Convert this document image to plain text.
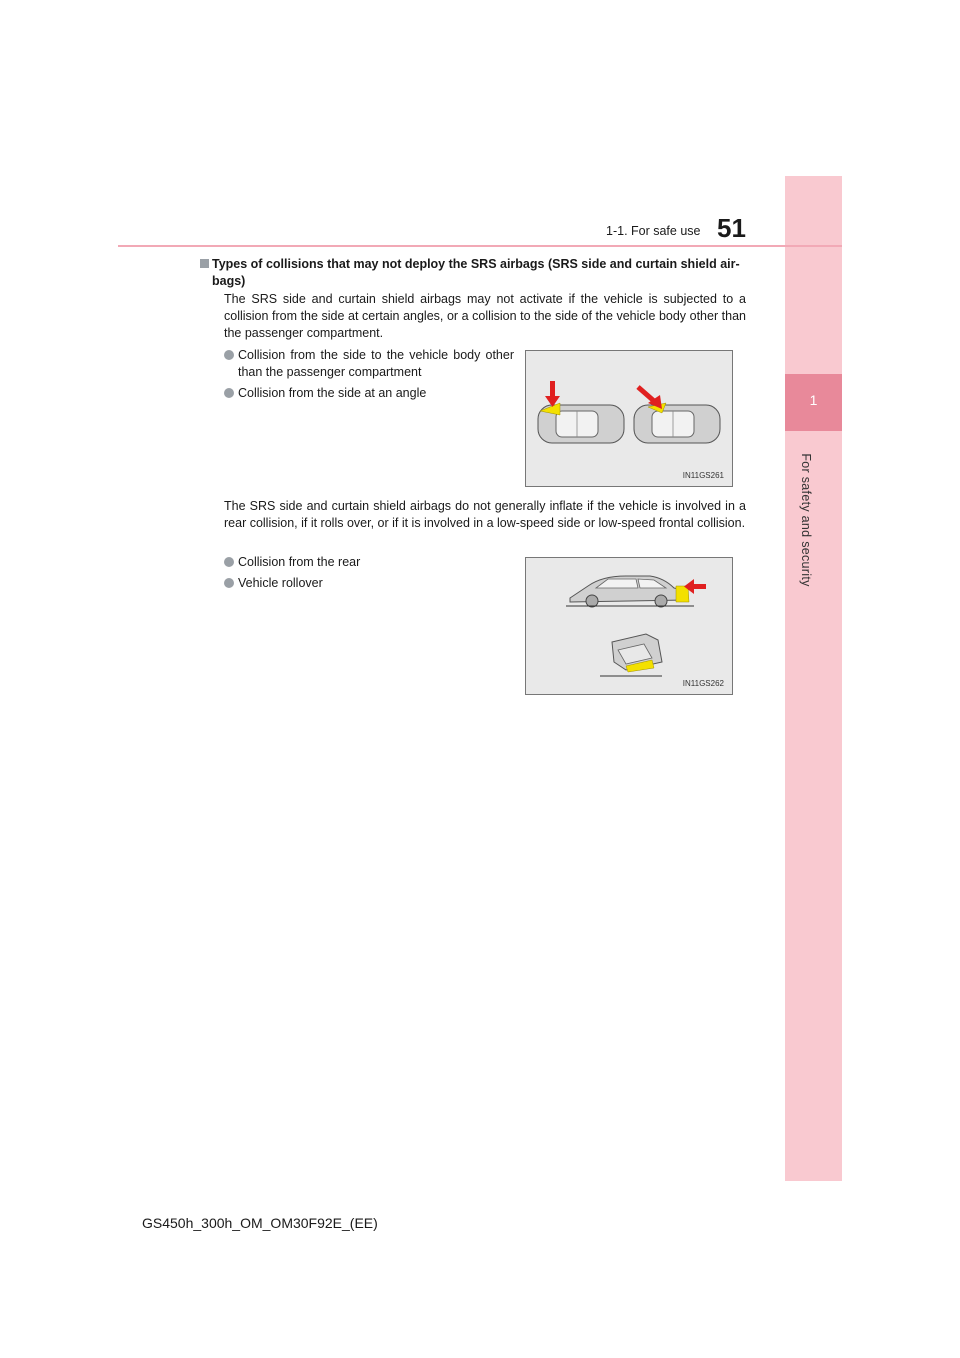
1
For safety and security
1-1. For safe use 51
Types of collisions that may not deploy the SRS airbags (SRS side and curtain shield air-bags)
The SRS side and curtain shield airbags may not activate if the vehicle is subjected to a collision from the side at certain angles, or a collision to the side of the vehicle body other than the passenger compartment.
Collision from the side to the vehicle body other than the passenger compartment
Collision from the side at an angle
IN11GS261
The SRS side and curtain shield airbags do not generally inflate if the vehicle is involved in a rear collision, if it rolls over, or if it is involved in a low-speed side or low-speed frontal collision.
Collision from the rear
Vehicle rollover
IN11GS262
GS450h_300h_OM_OM30F92E_(EE)
